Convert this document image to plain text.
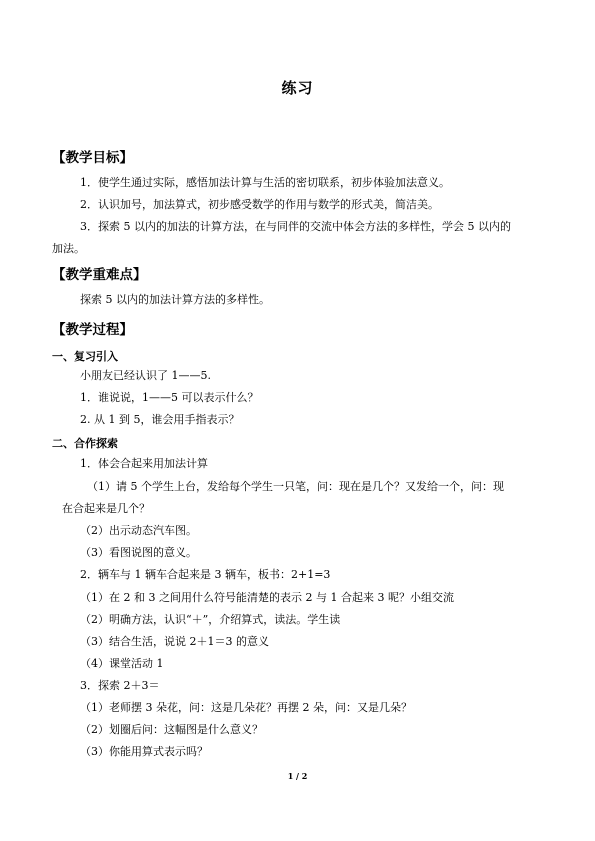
练习
【教学目标】
1．使学生通过实际，感悟加法计算与生活的密切联系，初步体验加法意义。
2．认识加号，加法算式，初步感受数学的作用与数学的形式美，简洁美。
3．探索 5 以内的加法的计算方法，在与同伴的交流中体会方法的多样性，学会 5 以内的
加法。
【教学重难点】
探索 5 以内的加法计算方法的多样性。
【教学过程】
一、复习引入
小朋友已经认识了 1——5.
1．谁说说，1——5 可以表示什么？
2. 从 1 到 5，谁会用手指表示？
二、合作探索
1．体会合起来用加法计算
（1）请 5 个学生上台，发给每个学生一只笔，问：现在是几个？又发给一个，问：现
在合起来是几个？
（2）出示动态汽车图。
（3）看图说图的意义。
2．辆车与 1 辆车合起来是 3 辆车，板书：2+1=3
（1）在 2 和 3 之间用什么符号能清楚的表示 2 与 1 合起来 3 呢？小组交流
（2）明确方法，认识“＋”，介绍算式，读法。学生读
（3）结合生活，说说 2＋1＝3 的意义
（4）课堂活动 1
3．探索 2＋3＝
（1）老师摆 3 朵花，问：这是几朵花？再摆 2 朵，问：又是几朵？
（2）划圈后问：这幅图是什么意义？
（3）你能用算式表示吗？
1 / 2
